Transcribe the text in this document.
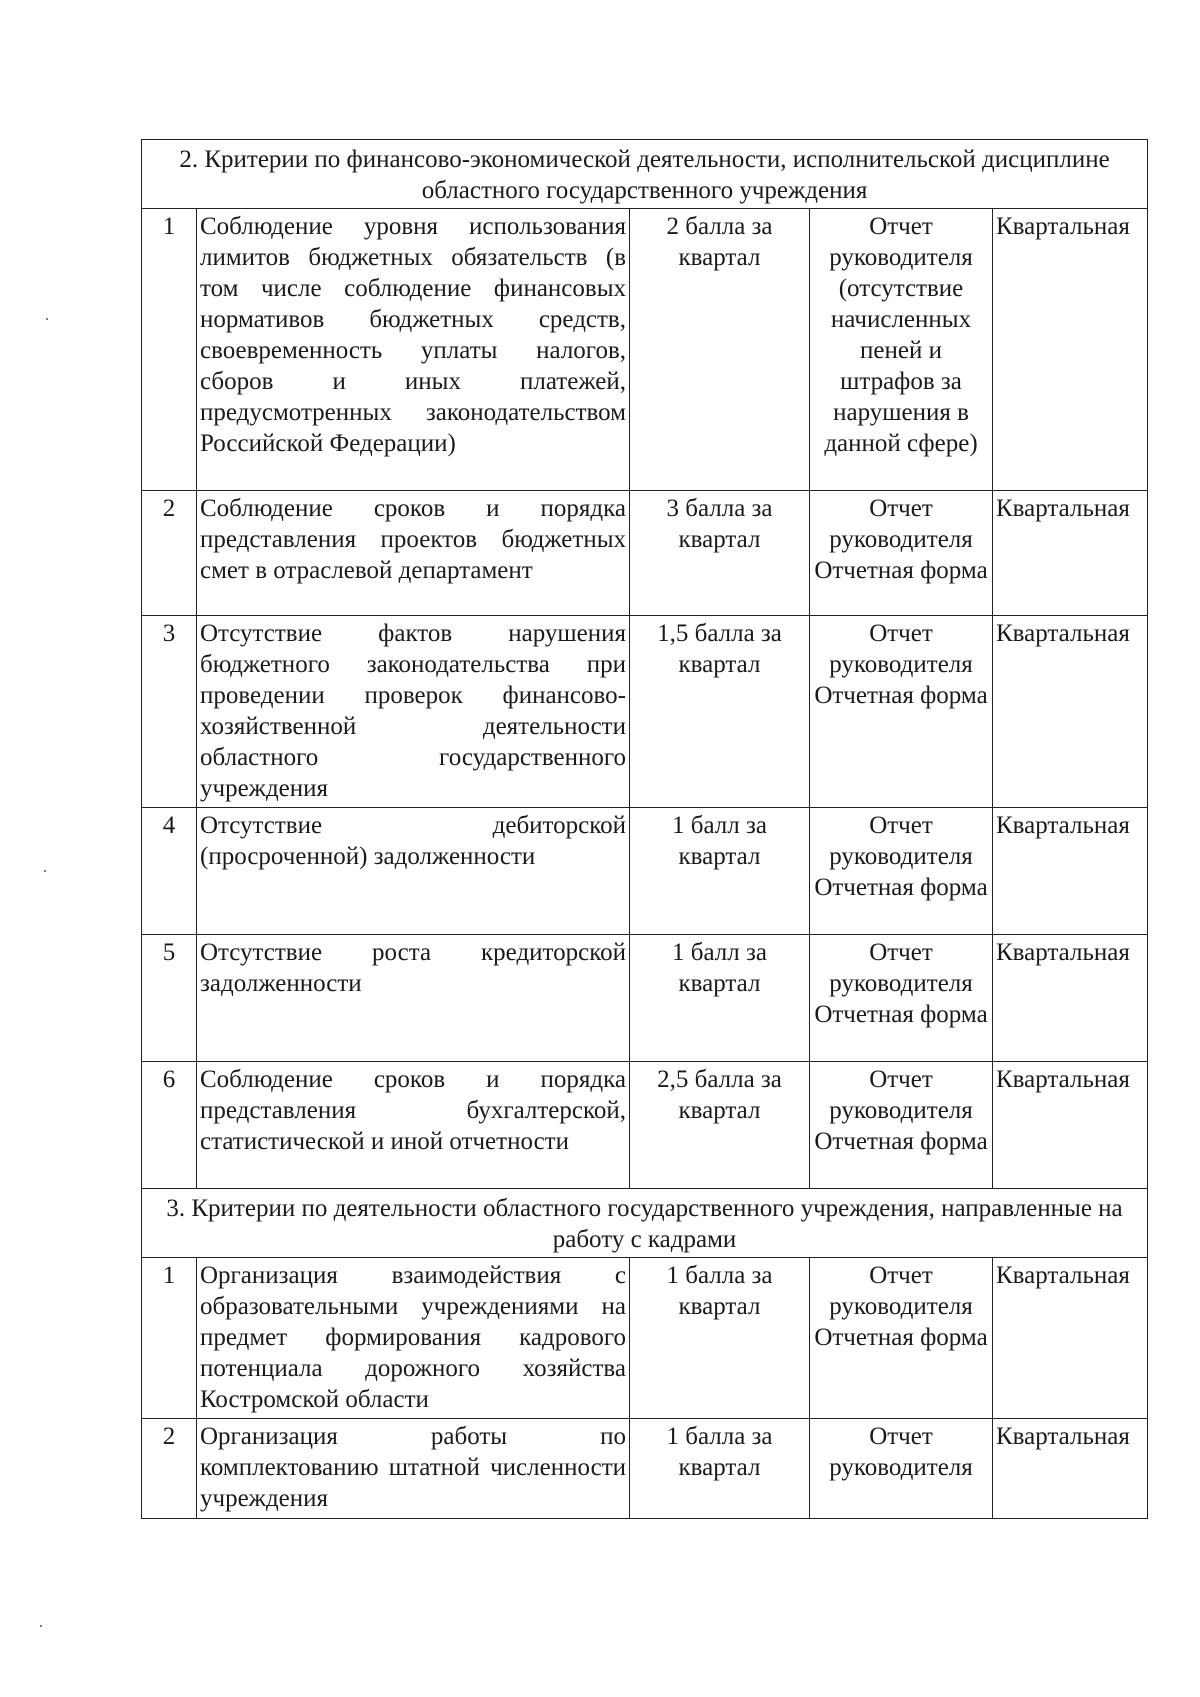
2. Критерии по финансово-экономической деятельности, исполнительской дисциплине областного государственного учреждения				
1	Соблюдение уровня использования лимитов бюджетных обязательств (в том числе соблюдение финансовых нормативов бюджетных средств, своевременность уплаты налогов, сборов и иных платежей, предусмотренных законодательством Российской Федерации)	2 балла за квартал	Отчет руководителя (отсутствие начисленных пеней и штрафов за нарушения в данной сфере)	Квартальная
2	Соблюдение сроков и порядка представления проектов бюджетных смет в отраслевой департамент	3 балла за квартал	Отчет руководителя Отчетная форма	Квартальная
3	Отсутствие фактов нарушения бюджетного законодательства при проведении проверок финансово-хозяйственной деятельности областного государственного учреждения	1,5 балла за квартал	Отчет руководителя Отчетная форма	Квартальная
4	Отсутствие дебиторской (просроченной) задолженности	1 балл за квартал	Отчет руководителя Отчетная форма	Квартальная
5	Отсутствие роста кредиторской задолженности	1 балл за квартал	Отчет руководителя Отчетная форма	Квартальная
6	Соблюдение сроков и порядка представления бухгалтерской, статистической и иной отчетности	2,5 балла за квартал	Отчет руководителя Отчетная форма	Квартальная
3. Критерии по деятельности областного государственного учреждения, направленные на работу с кадрами				
1	Организация взаимодействия с образовательными учреждениями на предмет формирования кадрового потенциала дорожного хозяйства Костромской области	1 балла за квартал	Отчет руководителя Отчетная форма	Квартальная
2	Организация работы по комплектованию штатной численности учреждения	1 балла за квартал	Отчет руководителя	Квартальная
